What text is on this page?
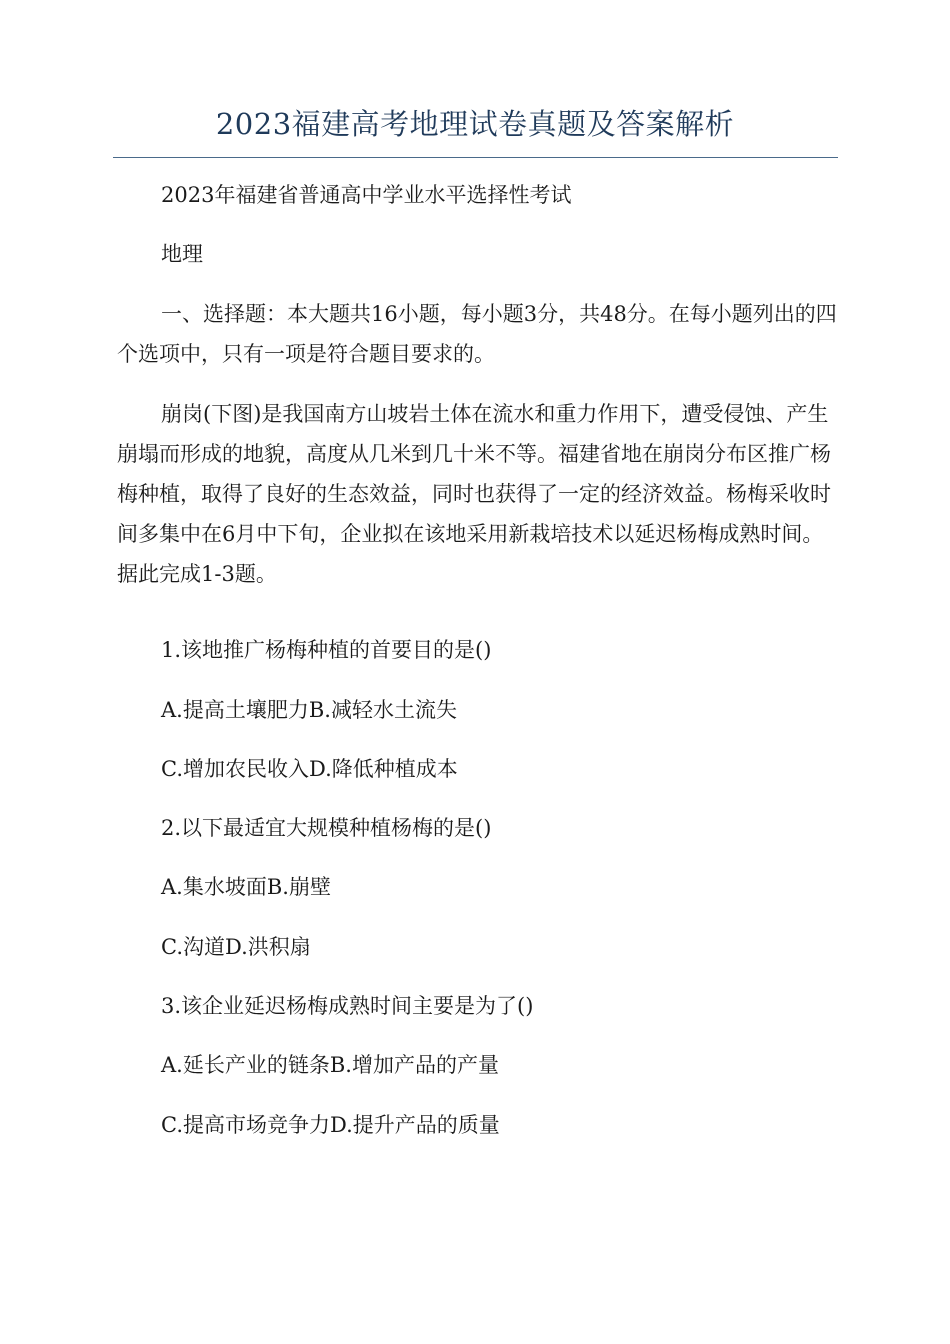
2023福建高考地理试卷真题及答案解析

2023年福建省普通高中学业水平选择性考试

地理

一、选择题：本大题共16小题，每小题3分，共48分。在每小题列出的四个选项中，只有一项是符合题目要求的。

崩岗(下图)是我国南方山坡岩土体在流水和重力作用下，遭受侵蚀、产生崩塌而形成的地貌，高度从几米到几十米不等。福建省地在崩岗分布区推广杨梅种植，取得了良好的生态效益，同时也获得了一定的经济效益。杨梅采收时间多集中在6月中下旬，企业拟在该地采用新栽培技术以延迟杨梅成熟时间。据此完成1-3题。

1.该地推广杨梅种植的首要目的是()

A.提高土壤肥力B.减轻水土流失

C.增加农民收入D.降低种植成本

2.以下最适宜大规模种植杨梅的是()

A.集水坡面B.崩壁

C.沟道D.洪积扇

3.该企业延迟杨梅成熟时间主要是为了()

A.延长产业的链条B.增加产品的产量

C.提高市场竞争力D.提升产品的质量
